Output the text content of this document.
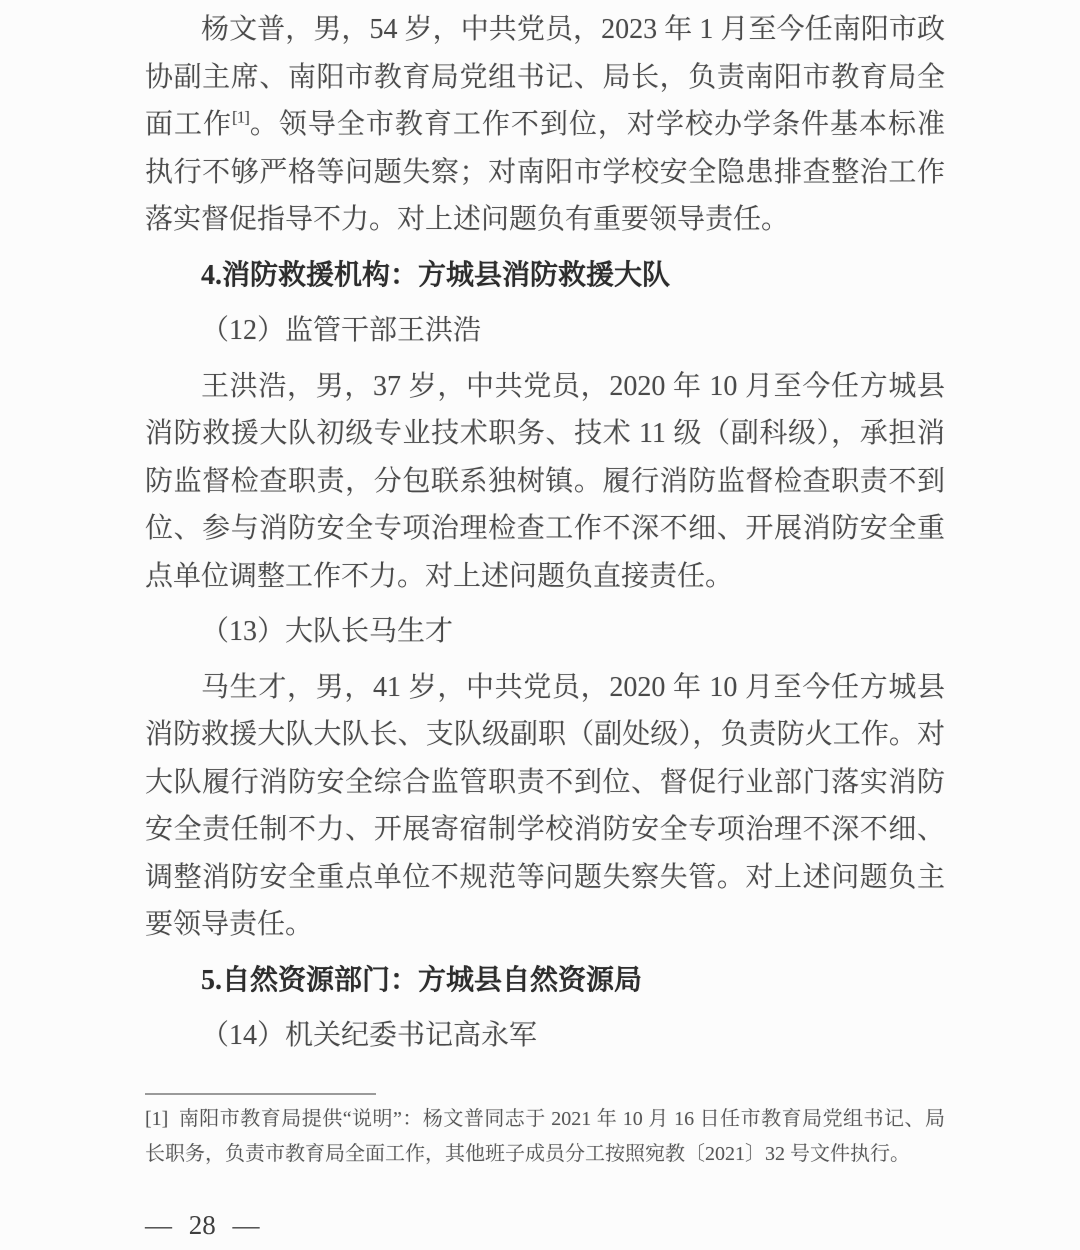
杨文普，男，54 岁，中共党员，2023 年 1 月至今任南阳市政协副主席、南阳市教育局党组书记、局长，负责南阳市教育局全面工作[1]。领导全市教育工作不到位，对学校办学条件基本标准执行不够严格等问题失察；对南阳市学校安全隐患排查整治工作落实督促指导不力。对上述问题负有重要领导责任。

4.消防救援机构：方城县消防救援大队

（12）监管干部王洪浩

王洪浩，男，37 岁，中共党员，2020 年 10 月至今任方城县消防救援大队初级专业技术职务、技术 11 级（副科级），承担消防监督检查职责，分包联系独树镇。履行消防监督检查职责不到位、参与消防安全专项治理检查工作不深不细、开展消防安全重点单位调整工作不力。对上述问题负直接责任。

（13）大队长马生才

马生才，男，41 岁，中共党员，2020 年 10 月至今任方城县消防救援大队大队长、支队级副职（副处级），负责防火工作。对大队履行消防安全综合监管职责不到位、督促行业部门落实消防安全责任制不力、开展寄宿制学校消防安全专项治理不深不细、调整消防安全重点单位不规范等问题失察失管。对上述问题负主要领导责任。

5.自然资源部门：方城县自然资源局

（14）机关纪委书记高永军

[1] 南阳市教育局提供“说明”：杨文普同志于 2021 年 10 月 16 日任市教育局党组书记、局长职务，负责市教育局全面工作，其他班子成员分工按照宛教〔2021〕32 号文件执行。
— 28 —
